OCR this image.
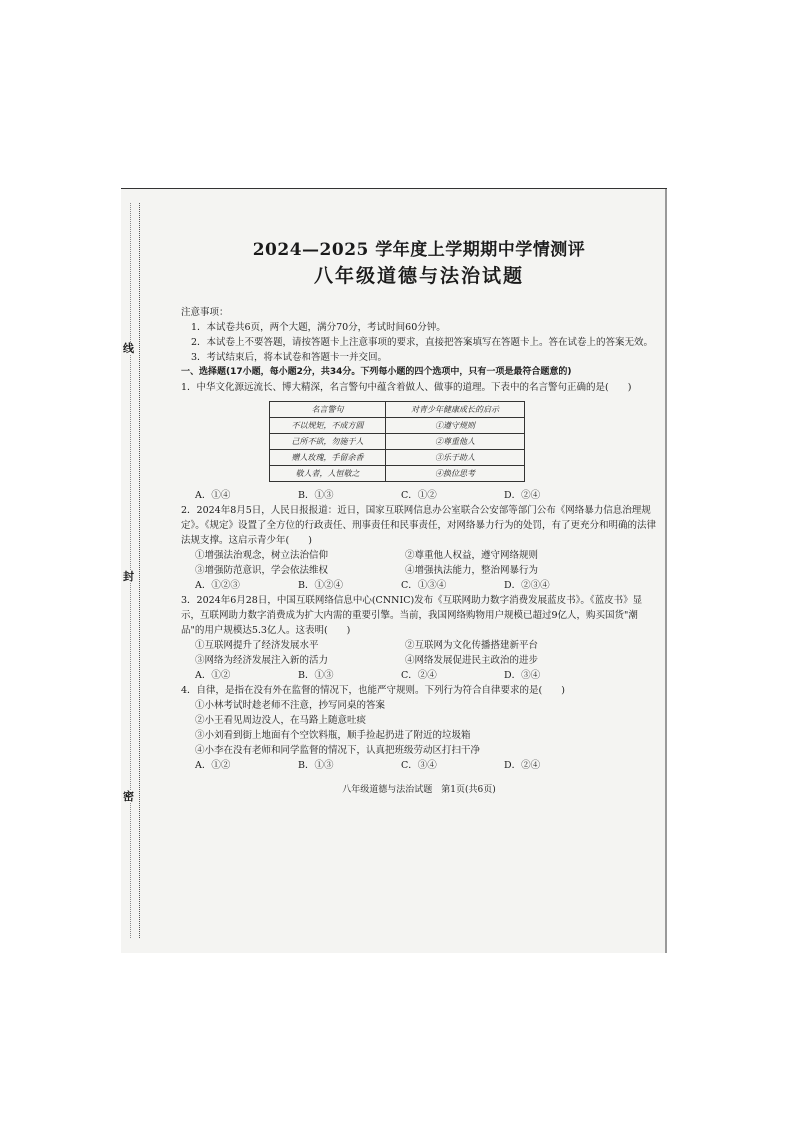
线
封
密

2024—2025 学年度上学期期中学情测评

八年级道德与法治试题

注意事项：

1．本试卷共6页，两个大题，满分70分，考试时间60分钟。

2．本试卷上不要答题，请按答题卡上注意事项的要求，直接把答案填写在答题卡上。答在试卷上的答案无效。

3．考试结束后，将本试卷和答题卡一并交回。

一、选择题(17小题，每小题2分，共34分。下列每小题的四个选项中，只有一项是最符合题意的)

1．中华文化源远流长、博大精深，名言警句中蕴含着做人、做事的道理。下表中的名言警句正确的是(　　)

名言警句	对青少年健康成长的启示
不以规矩，不成方圆	①遵守规则
己所不欲，勿施于人	②尊重他人
赠人玫瑰，手留余香	③乐于助人
敬人者，人恒敬之	④换位思考
A．①④	B．①③	C．①②	D．②④

2．2024年8月5日，人民日报报道：近日，国家互联网信息办公室联合公安部等部门公布《网络暴力信息治理规定》。《规定》设置了全方位的行政责任、刑事责任和民事责任，对网络暴力行为的处罚，有了更充分和明确的法律法规支撑。这启示青少年(　　)

①增强法治观念，树立法治信仰	②尊重他人权益，遵守网络规则
③增强防范意识，学会依法维权	④增强执法能力，整治网暴行为
A．①②③	B．①②④	C．①③④	D．②③④

3．2024年6月28日，中国互联网络信息中心(CNNIC)发布《互联网助力数字消费发展蓝皮书》。《蓝皮书》显示，互联网助力数字消费成为扩大内需的重要引擎。当前，我国网络购物用户规模已超过9亿人，购买国货"潮品"的用户规模达5.3亿人。这表明(　　)

①互联网提升了经济发展水平	②互联网为文化传播搭建新平台
③网络为经济发展注入新的活力	④网络发展促进民主政治的进步
A．①②	B．①③	C．②④	D．③④

4．自律，是指在没有外在监督的情况下，也能严守规则。下列行为符合自律要求的是(　　)

①小林考试时趁老师不注意，抄写同桌的答案

②小王看见周边没人，在马路上随意吐痰

③小刘看到街上地面有个空饮料瓶，顺手捡起扔进了附近的垃圾箱

④小李在没有老师和同学监督的情况下，认真把班级劳动区打扫干净

A．①②	B．①③	C．③④	D．②④

八年级道德与法治试题　第1页(共6页)
